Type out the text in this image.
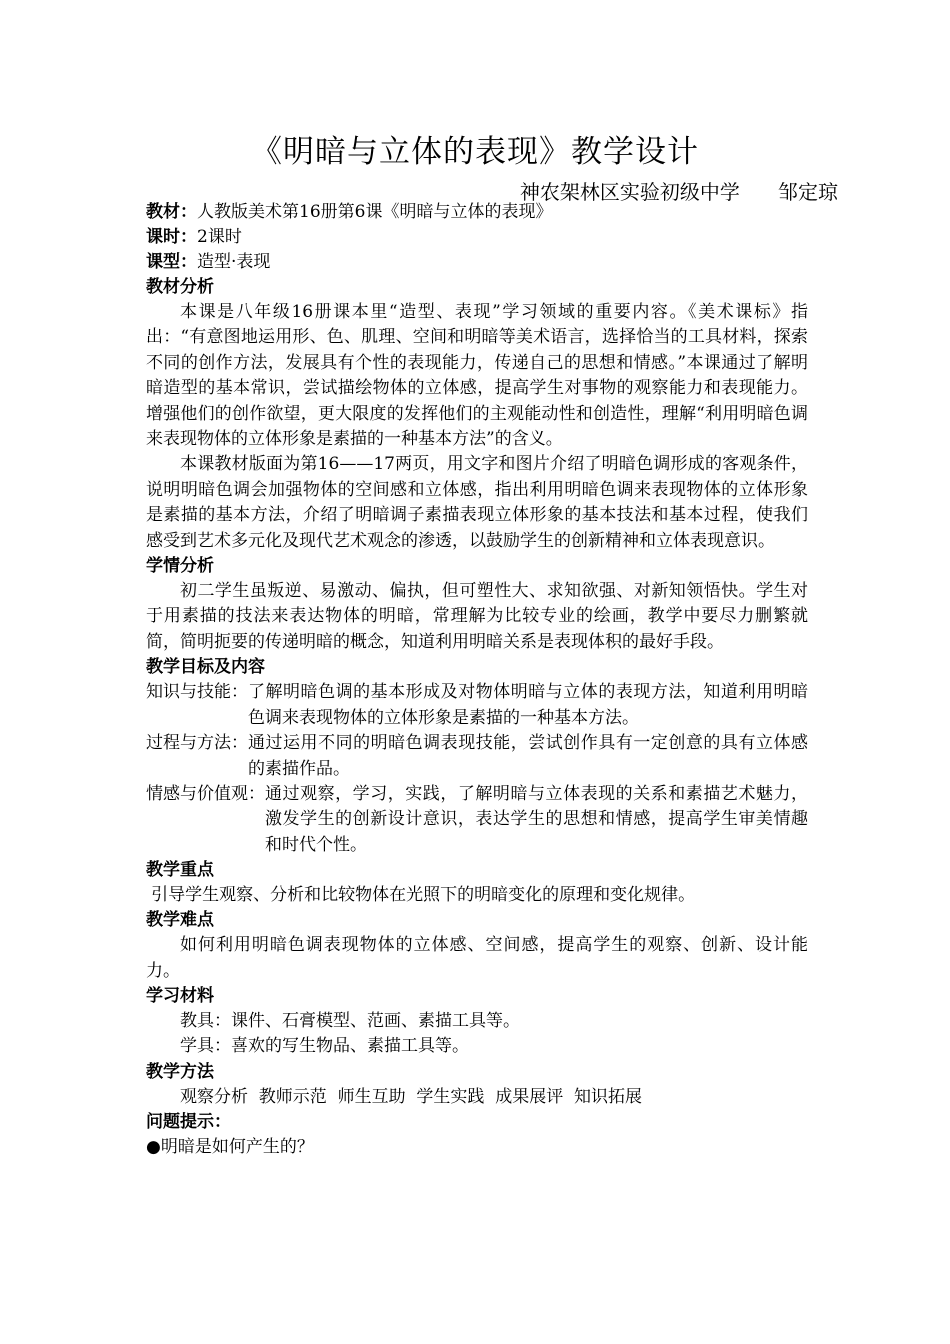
《明暗与立体的表现》教学设计
神农架林区实验初级中学      邹定琼
教材：人教版美术第16册第6课《明暗与立体的表现》
课时：2课时
课型：造型·表现
教材分析
本课是八年级16册课本里“造型、表现”学习领域的重要内容。《美术课标》指出：“有意图地运用形、色、肌理、空间和明暗等美术语言，选择恰当的工具材料，探索不同的创作方法，发展具有个性的表现能力，传递自己的思想和情感。”本课通过了解明暗造型的基本常识，尝试描绘物体的立体感，提高学生对事物的观察能力和表现能力。增强他们的创作欲望，更大限度的发挥他们的主观能动性和创造性，理解“利用明暗色调来表现物体的立体形象是素描的一种基本方法”的含义。
本课教材版面为第16——17两页，用文字和图片介绍了明暗色调形成的客观条件，说明明暗色调会加强物体的空间感和立体感，指出利用明暗色调来表现物体的立体形象是素描的基本方法，介绍了明暗调子素描表现立体形象的基本技法和基本过程，使我们感受到艺术多元化及现代艺术观念的渗透，以鼓励学生的创新精神和立体表现意识。
学情分析
初二学生虽叛逆、易激动、偏执，但可塑性大、求知欲强、对新知领悟快。学生对于用素描的技法来表达物体的明暗，常理解为比较专业的绘画，教学中要尽力删繁就简，简明扼要的传递明暗的概念，知道利用明暗关系是表现体积的最好手段。
教学目标及内容
知识与技能： 了解明暗色调的基本形成及对物体明暗与立体的表现方法，知道利用明暗色调来表现物体的立体形象是素描的一种基本方法。
过程与方法： 通过运用不同的明暗色调表现技能，尝试创作具有一定创意的具有立体感的素描作品。
情感与价值观： 通过观察，学习，实践，了解明暗与立体表现的关系和素描艺术魅力，激发学生的创新设计意识，表达学生的思想和情感，提高学生审美情趣和时代个性。
教学重点
引导学生观察、分析和比较物体在光照下的明暗变化的原理和变化规律。
教学难点
如何利用明暗色调表现物体的立体感、空间感，提高学生的观察、创新、设计能力。
学习材料
教具：课件、石膏模型、范画、素描工具等。
学具：喜欢的写生物品、素描工具等。
教学方法
观察分析  教师示范  师生互助  学生实践  成果展评  知识拓展
问题提示：
●明暗是如何产生的？
